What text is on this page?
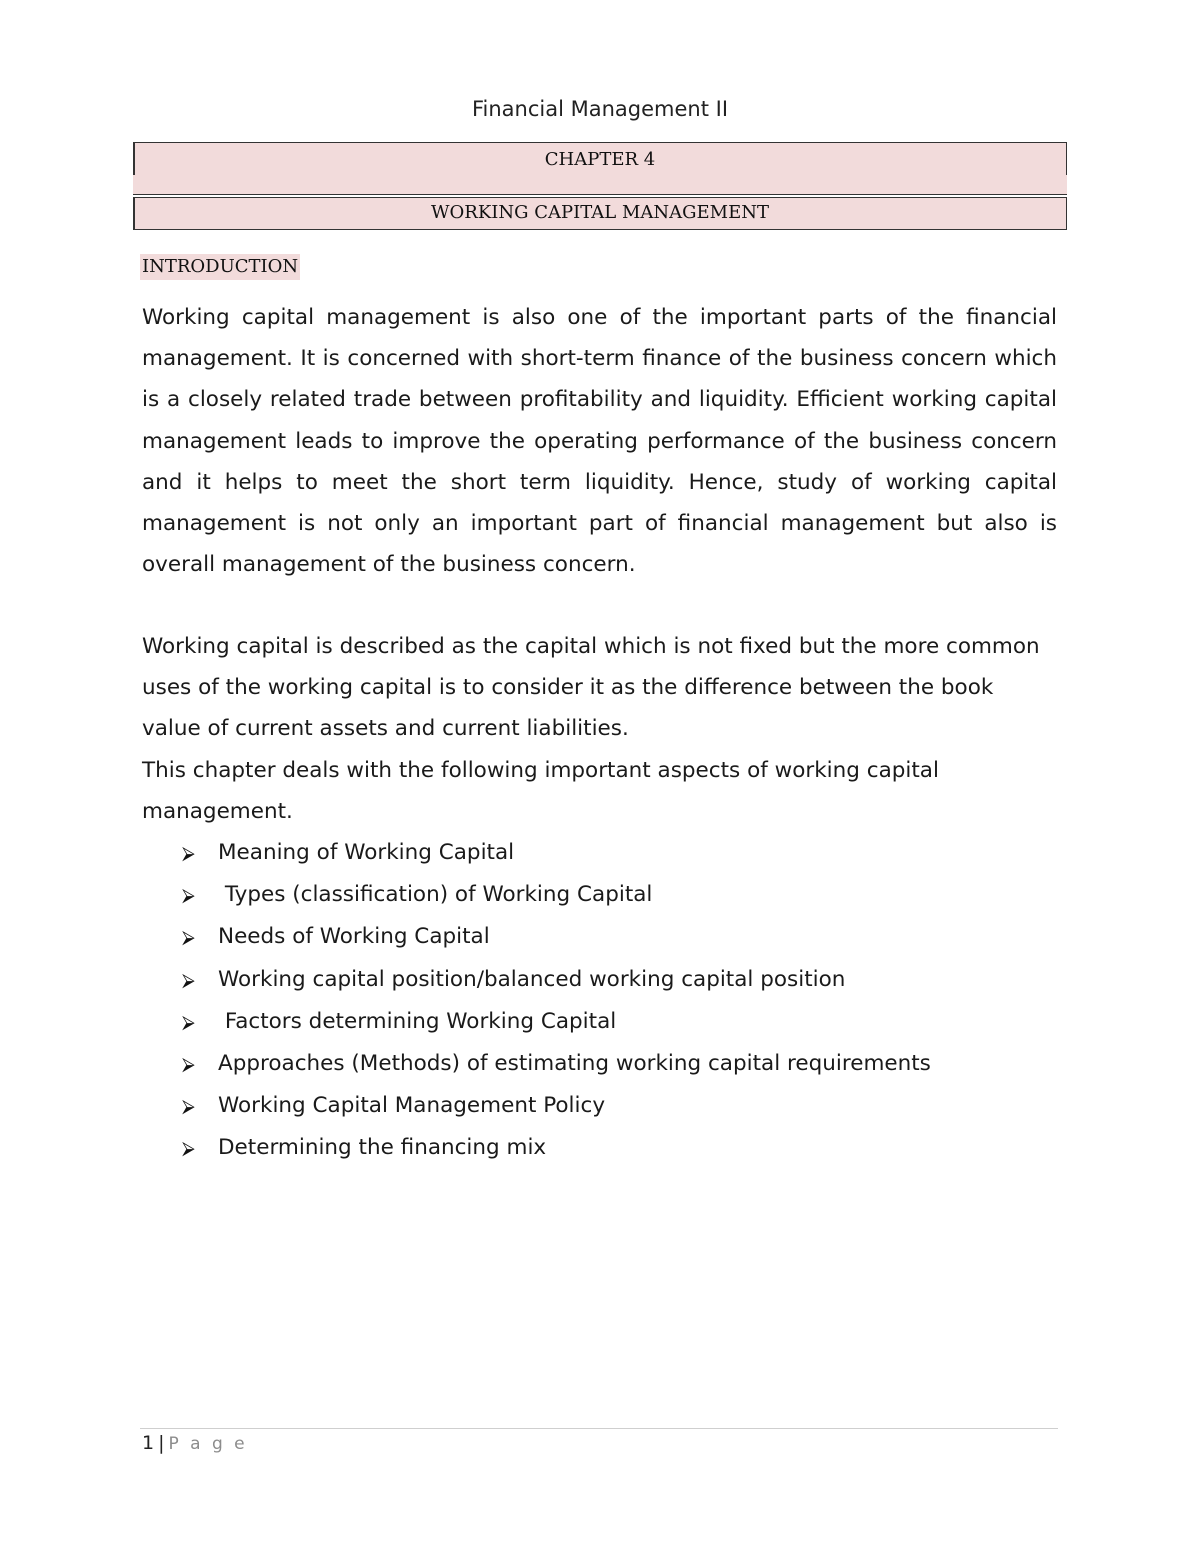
Financial Management II
CHAPTER 4
WORKING CAPITAL MANAGEMENT
INTRODUCTION

Working capital management is also one of the important parts of the financial management. It is concerned with short-term finance of the business concern which is a closely related trade between profitability and liquidity. Efficient working capital management leads to improve the operating performance of the business concern and it helps to meet the short term liquidity. Hence, study of working capital management is not only an important part of financial management but also is overall management of the business concern.

Working capital is described as the capital which is not fixed but the more common uses of the working capital is to consider it as the difference between the book value of current assets and current liabilities.

This chapter deals with the following important aspects of working capital management.

⮚ Meaning of Working Capital
⮚ Types (classification) of Working Capital
⮚ Needs of Working Capital
⮚ Working capital position/balanced working capital position
⮚ Factors determining Working Capital
⮚ Approaches (Methods) of estimating working capital requirements
⮚ Working Capital Management Policy
⮚ Determining the financing mix
1 | P a g e
